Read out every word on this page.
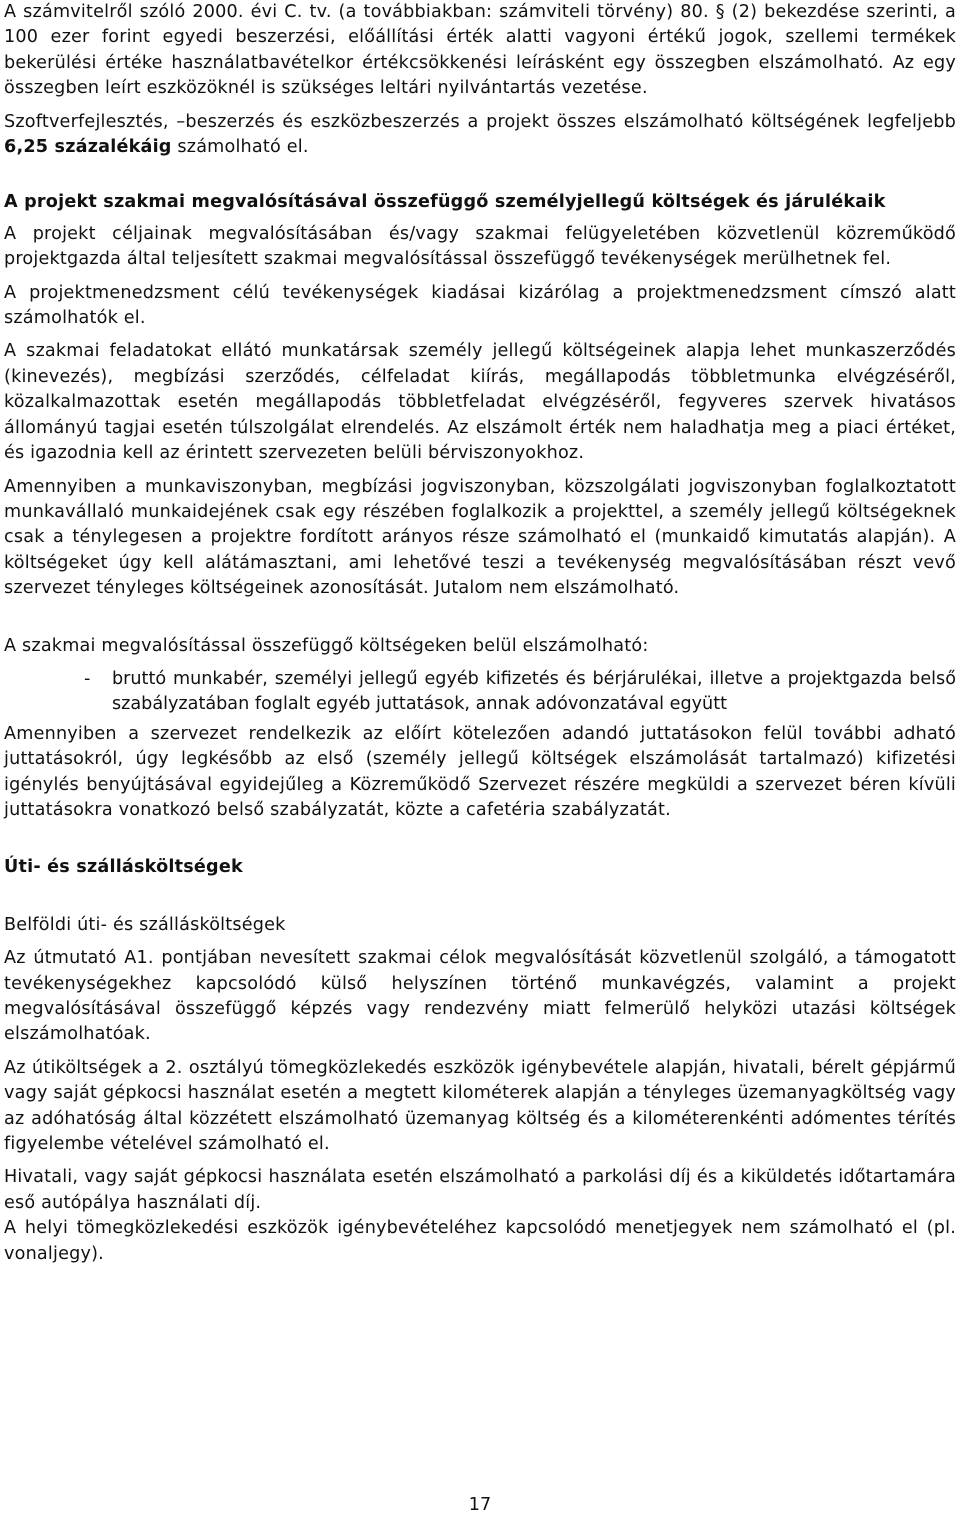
A számvitelről szóló 2000. évi C. tv. (a továbbiakban: számviteli törvény) 80. § (2) bekezdése szerinti, a 100 ezer forint egyedi beszerzési, előállítási érték alatti vagyoni értékű jogok, szellemi termékek bekerülési értéke használatbavételkor értékcsökkenési leírásként egy összegben elszámolható. Az egy összegben leírt eszközöknél is szükséges leltári nyilvántartás vezetése.

Szoftverfejlesztés, –beszerzés és eszközbeszerzés a projekt összes elszámolható költségének legfeljebb 6,25 százalékáig számolható el.

A projekt szakmai megvalósításával összefüggő személyjellegű költségek és járulékaik

A projekt céljainak megvalósításában és/vagy szakmai felügyeletében közvetlenül közreműködő projektgazda által teljesített szakmai megvalósítással összefüggő tevékenységek merülhetnek fel.

A projektmenedzsment célú tevékenységek kiadásai kizárólag a projektmenedzsment címszó alatt számolhatók el.

A szakmai feladatokat ellátó munkatársak személy jellegű költségeinek alapja lehet munkaszerződés (kinevezés), megbízási szerződés, célfeladat kiírás, megállapodás többletmunka elvégzéséről, közalkalmazottak esetén megállapodás többletfeladat elvégzéséről, fegyveres szervek hivatásos állományú tagjai esetén túlszolgálat elrendelés. Az elszámolt érték nem haladhatja meg a piaci értéket, és igazodnia kell az érintett szervezeten belüli bérviszonyokhoz.

Amennyiben a munkaviszonyban, megbízási jogviszonyban, közszolgálati jogviszonyban foglalkoztatott munkavállaló munkaidejének csak egy részében foglalkozik a projekttel, a személy jellegű költségeknek csak a ténylegesen a projektre fordított arányos része számolható el (munkaidő kimutatás alapján). A költségeket úgy kell alátámasztani, ami lehetővé teszi a tevékenység megvalósításában részt vevő szervezet tényleges költségeinek azonosítását. Jutalom nem elszámolható.

A szakmai megvalósítással összefüggő költségeken belül elszámolható:

-	bruttó munkabér, személyi jellegű egyéb kifizetés és bérjárulékai, illetve a projektgazda belső szabályzatában foglalt egyéb juttatások, annak adóvonzatával együtt

Amennyiben a szervezet rendelkezik az előírt kötelezően adandó juttatásokon felül további adható juttatásokról, úgy legkésőbb az első (személy jellegű költségek elszámolását tartalmazó) kifizetési igénylés benyújtásával egyidejűleg a Közreműködő Szervezet részére megküldi a szervezet béren kívüli juttatásokra vonatkozó belső szabályzatát, közte a cafetéria szabályzatát.

Úti- és szállásköltségek

Belföldi úti- és szállásköltségek

Az útmutató A1. pontjában nevesített szakmai célok megvalósítását közvetlenül szolgáló, a támogatott tevékenységekhez kapcsolódó külső helyszínen történő munkavégzés, valamint a projekt megvalósításával összefüggő képzés vagy rendezvény miatt felmerülő helyközi utazási költségek elszámolhatóak.

Az útiköltségek a 2. osztályú tömegközlekedés eszközök igénybevétele alapján, hivatali, bérelt gépjármű vagy saját gépkocsi használat esetén a megtett kilométerek alapján a tényleges üzemanyagköltség vagy az adóhatóság által közzétett elszámolható üzemanyag költség és a kilométerenkénti adómentes térítés figyelembe vételével számolható el.

Hivatali, vagy saját gépkocsi használata esetén elszámolható a parkolási díj és a kiküldetés időtartamára eső autópálya használati díj.

A helyi tömegközlekedési eszközök igénybevételéhez kapcsolódó menetjegyek nem számolható el (pl. vonaljegy).

17
